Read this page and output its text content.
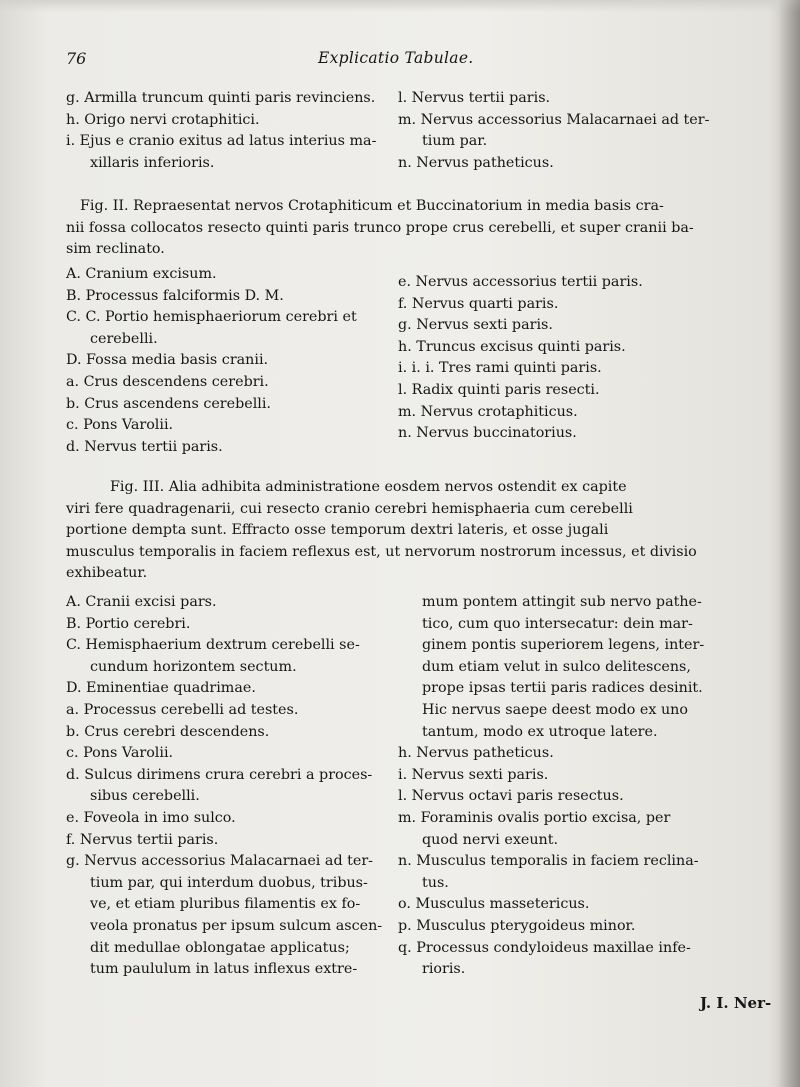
76	Explicatio Tabulae.
g. Armilla truncum quinti paris revinciens.
h. Origo nervi crotaphitici.
i. Ejus e cranio exitus ad latus interius ma-
xillaris inferioris.
l. Nervus tertii paris.
m. Nervus accessorius Malacarnaei ad ter-
tium par.
n. Nervus patheticus.
Fig. II. Repraesentat nervos Crotaphiticum et Buccinatorium in media basis cra-
nii fossa collocatos resecto quinti paris trunco prope crus cerebelli, et super cranii ba-
sim reclinato.
A. Cranium excisum.
B. Processus falciformis D. M.
C. C. Portio hemisphaeriorum cerebri et
cerebelli.
D. Fossa media basis cranii.
a. Crus descendens cerebri.
b. Crus ascendens cerebelli.
c. Pons Varolii.
d. Nervus tertii paris.
e. Nervus accessorius tertii paris.
f. Nervus quarti paris.
g. Nervus sexti paris.
h. Truncus excisus quinti paris.
i. i. i. Tres rami quinti paris.
l. Radix quinti paris resecti.
m. Nervus crotaphiticus.
n. Nervus buccinatorius.
Fig. III. Alia adhibita administratione eosdem nervos ostendit ex capite
viri fere quadragenarii, cui resecto cranio cerebri hemisphaeria cum cerebelli
portione dempta sunt. Effracto osse temporum dextri lateris, et osse jugali
musculus temporalis in faciem reflexus est, ut nervorum nostrorum incessus, et divisio
exhibeatur.
A. Cranii excisi pars.
B. Portio cerebri.
C. Hemisphaerium dextrum cerebelli se-
cundum horizontem sectum.
D. Eminentiae quadrimae.
a. Processus cerebelli ad testes.
b. Crus cerebri descendens.
c. Pons Varolii.
d. Sulcus dirimens crura cerebri a proces-
sibus cerebelli.
e. Foveola in imo sulco.
f. Nervus tertii paris.
g. Nervus accessorius Malacarnaei ad ter-
tium par, qui interdum duobus, tribus-
ve, et etiam pluribus filamentis ex fo-
veola pronatus per ipsum sulcum ascen-
dit medullae oblongatae applicatus;
tum paululum in latus inflexus extre-
mum pontem attingit sub nervo pathe-
tico, cum quo intersecatur: dein mar-
ginem pontis superiorem legens, inter-
dum etiam velut in sulco delitescens,
prope ipsas tertii paris radices desinit.
Hic nervus saepe deest modo ex uno
tantum, modo ex utroque latere.
h. Nervus patheticus.
i. Nervus sexti paris.
l. Nervus octavi paris resectus.
m. Foraminis ovalis portio excisa, per
quod nervi exeunt.
n. Musculus temporalis in faciem reclina-
tus.
o. Musculus massetericus.
p. Musculus pterygoideus minor.
q. Processus condyloideus maxillae infe-
rioris.
J. I. Ner-
